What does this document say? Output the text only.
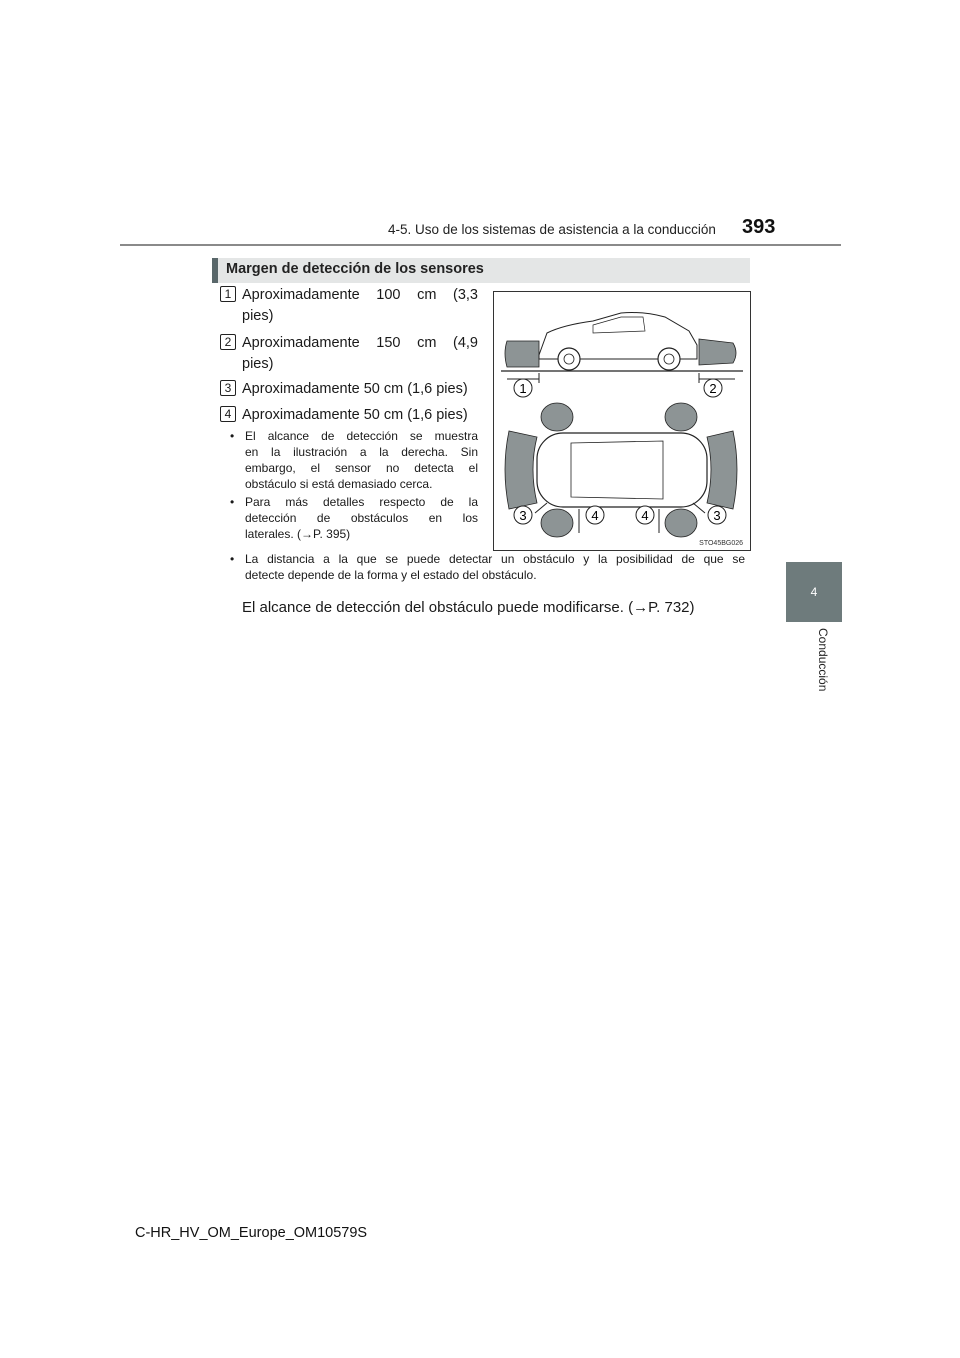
4-5. Uso de los sistemas de asistencia a la conducción 393
4
Conducción
Margen de detección de los sensores
1 Aproximadamente 100 cm (3,3
pies)
2 Aproximadamente 150 cm (4,9
pies)
3 Aproximadamente 50 cm (1,6 pies)
4 Aproximadamente 50 cm (1,6 pies)
• El alcance de detección se muestra
en la ilustración a la derecha. Sin
embargo, el sensor no detecta el
obstáculo si está demasiado cerca.
• Para más detalles respecto de la
detección de obstáculos en los
laterales. (→P. 395)
• La distancia a la que se puede detectar un obstáculo y la posibilidad de que se
detecte depende de la forma y el estado del obstáculo.
El alcance de detección del obstáculo puede modificarse. (→P. 732)
1	2
3	4	4	3
STO45BG026
C-HR_HV_OM_Europe_OM10579S
